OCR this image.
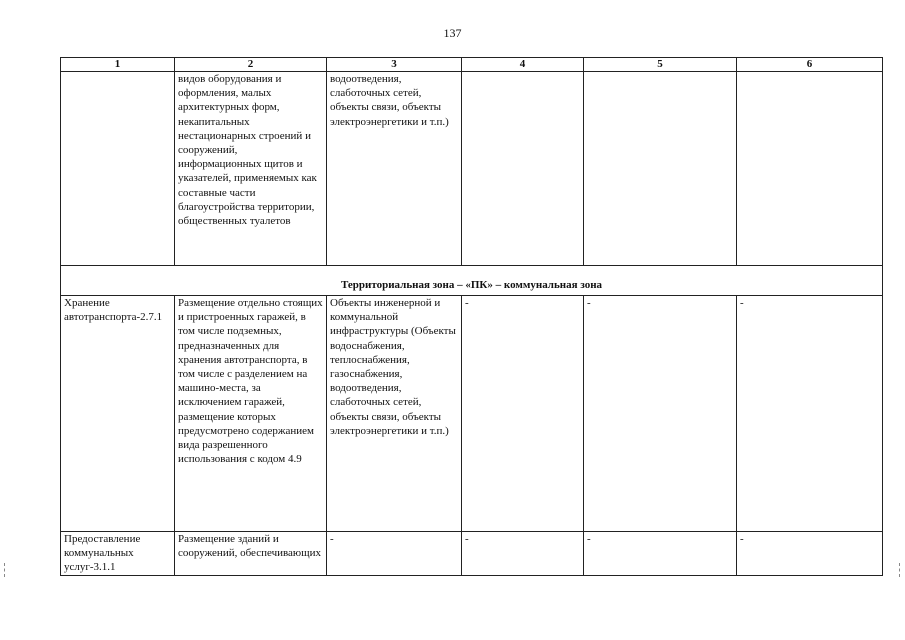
137
1	2	3	4	5	6
	видов оборудования и оформления, малых архитектурных форм, некапитальных нестационарных строений и сооружений, информационных щитов и указателей, применяемых как составные части благоустройства территории, общественных туалетов	водоотведения, слаботочных сетей, объекты связи, объекты электроэнергетики и т.п.)			
Территориальная зона – «ПК» – коммунальная зона					
Хранение автотранспорта-2.7.1	Размещение отдельно стоящих и пристроенных гаражей, в том числе подземных, предназначенных для хранения автотранспорта, в том числе с разделением на машино-места, за исключением гаражей, размещение которых предусмотрено содержанием вида разрешенного использования с кодом 4.9	Объекты инженерной и коммунальной инфраструктуры (Объекты водоснабжения, теплоснабжения, газоснабжения, водоотведения, слаботочных сетей, объекты связи, объекты электроэнергетики и т.п.)	-	-	-
Предоставление коммунальных услуг-3.1.1	Размещение зданий и сооружений, обеспечивающих	-	-	-	-
